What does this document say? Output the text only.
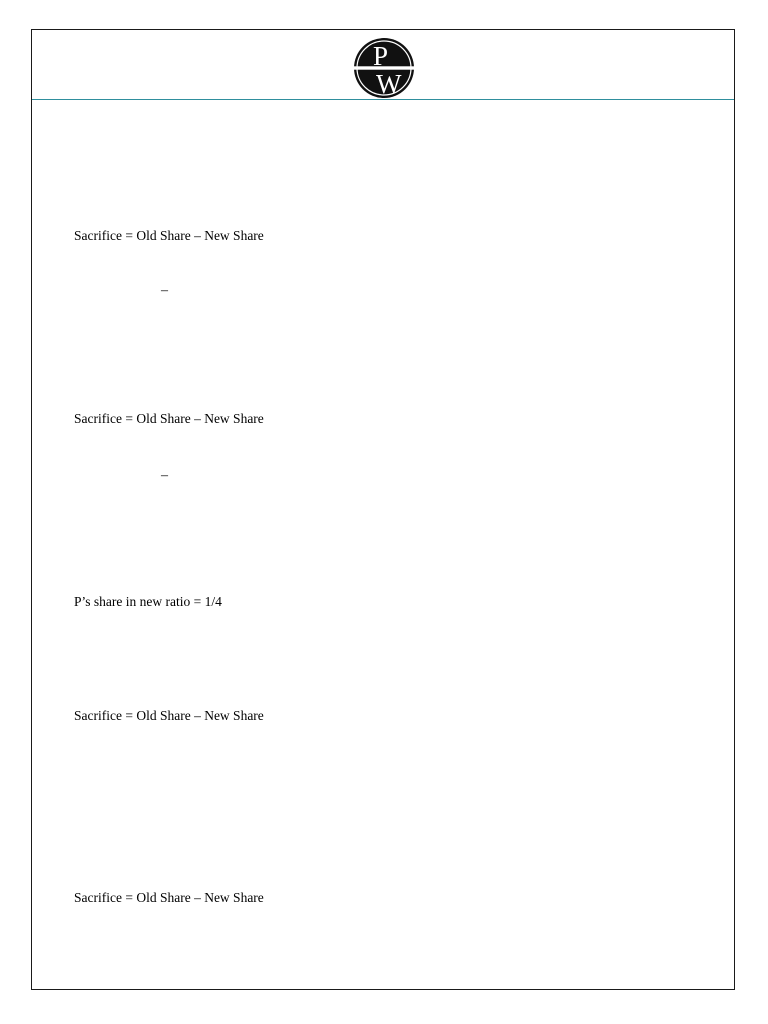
P
W
Sacrifice = Old Share – New Share
–
Sacrifice = Old Share – New Share
–
P’s share in new ratio = 1/4
Sacrifice = Old Share – New Share
Sacrifice = Old Share – New Share
